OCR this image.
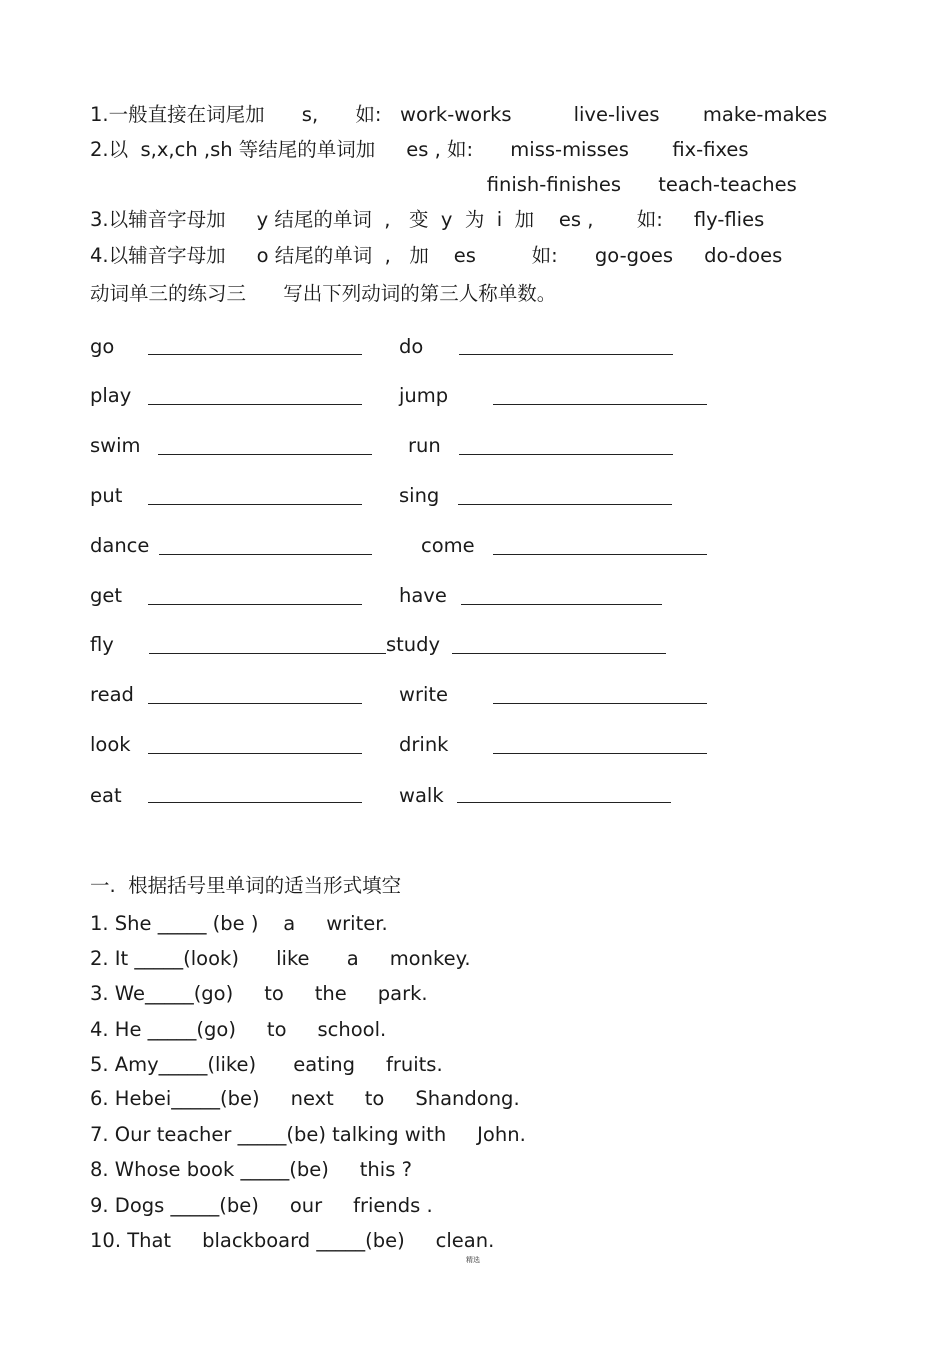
1.一般直接在词尾加      s,      如:   work-works          live-lives       make-makes
2.以  s,x,ch ,sh 等结尾的单词加     es , 如:      miss-misses       fix-fixes
finish-finishes      teach-teaches
3.以辅音字母加     y 结尾的单词  ,   变  y  为  i  加    es ,       如:     fly-flies
4.以辅音字母加     o 结尾的单词  ,   加    es         如:      go-goes     do-does
动词单三的练习三      写出下列动词的第三人称单数。
go
play
swim
put
dance
get
fly
read
look
eat
do
jump
run
sing
come
have
study
write
drink
walk
一.  根据括号里单词的适当形式填空
1. She _____ (be )    a     writer.
2. It _____(look)      like      a     monkey.
3. We_____(go)     to     the     park.
4. He _____(go)     to     school.
5. Amy_____(like)      eating     fruits.
6. Hebei_____(be)     next     to     Shandong.
7. Our teacher _____(be) talking with     John.
8. Whose book _____(be)     this ?
9. Dogs _____(be)     our     friends .
10. That     blackboard _____(be)     clean.
精选
